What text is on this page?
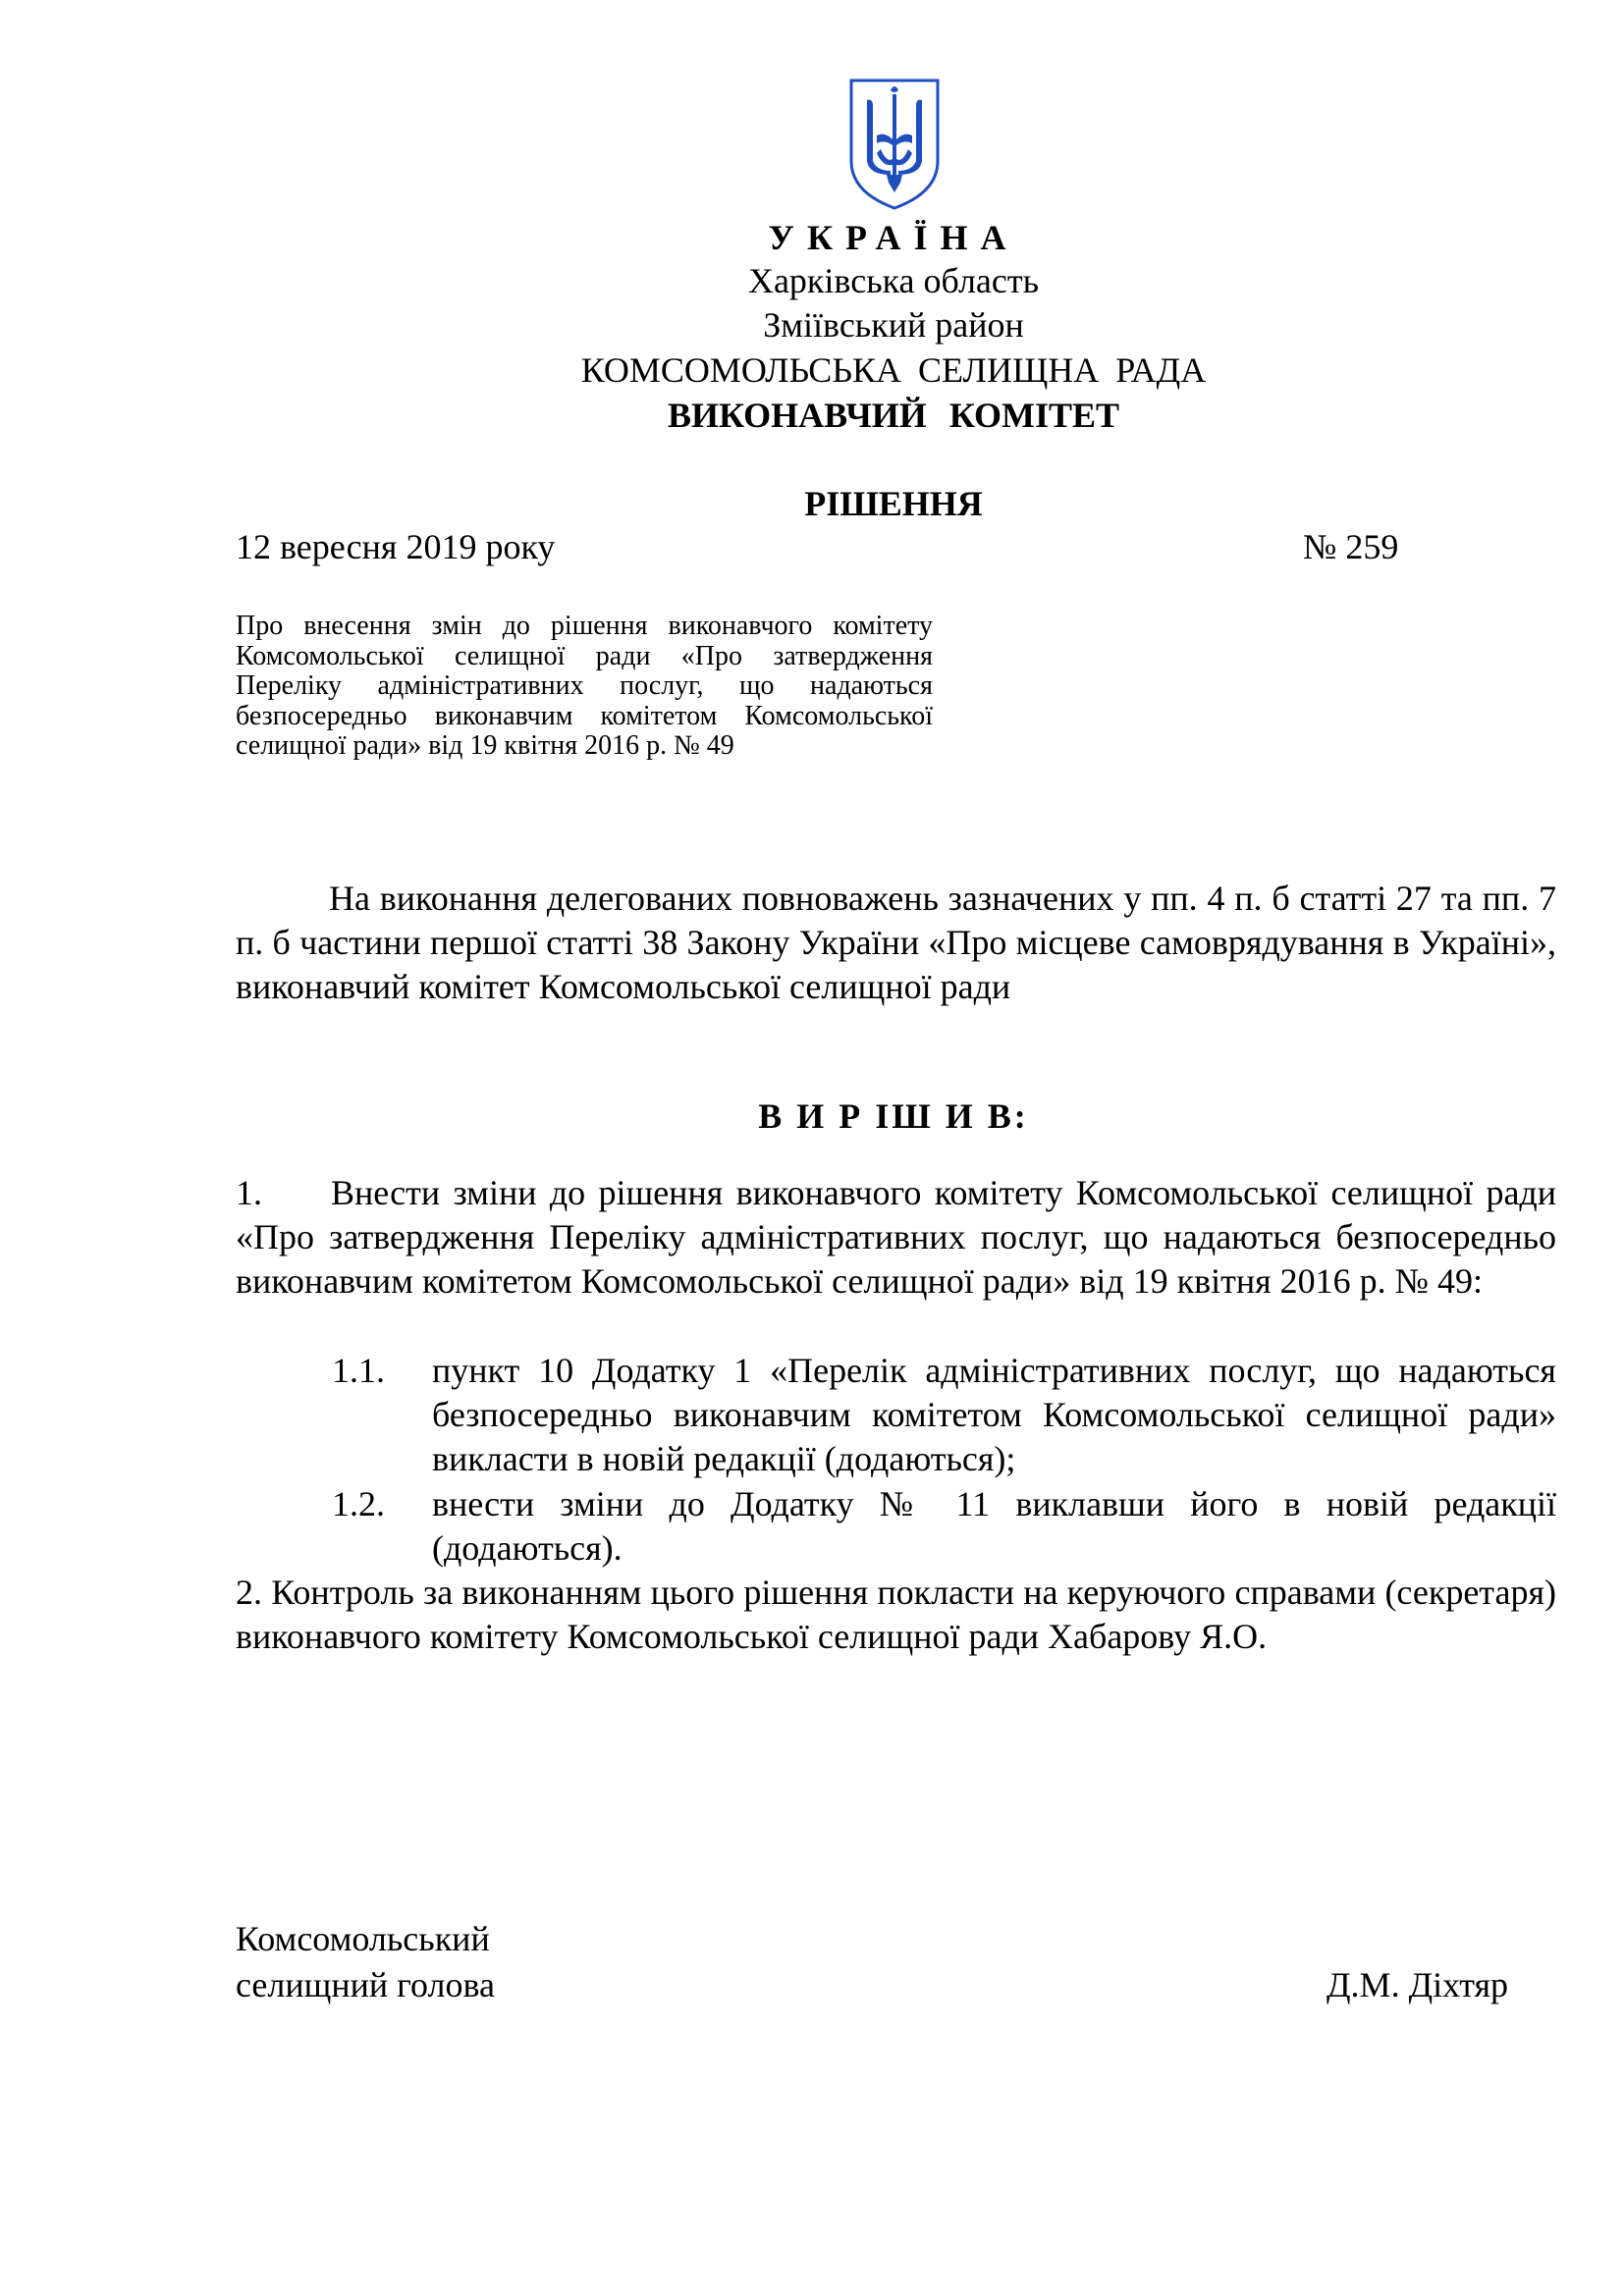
УКРАЇНА
Харківська область
Зміївський район
КОМСОМОЛЬСЬКА СЕЛИЩНА РАДА
ВИКОНАВЧИЙ КОМІТЕТ
РІШЕННЯ
12 вересня 2019 року	№ 259
Про внесення змін до рішення виконавчого комітету Комсомольської селищної ради «Про затвердження Переліку адміністративних послуг, що надаються безпосередньо виконавчим комітетом Комсомольської селищної ради» від 19 квітня 2016 р. № 49
На виконання делегованих повноважень зазначених у пп. 4 п. б статті 27 та пп. 7 п. б частини першої статті 38 Закону України «Про місцеве самоврядування в Україні», виконавчий комітет Комсомольської селищної ради
В И Р ІШ И В:
1. Внести зміни до рішення виконавчого комітету Комсомольської селищної ради «Про затвердження Переліку адміністративних послуг, що надаються безпосередньо виконавчим комітетом Комсомольської селищної ради» від 19 квітня 2016 р. № 49:
1.1.	пункт 10 Додатку 1 «Перелік адміністративних послуг, що надаються безпосередньо виконавчим комітетом Комсомольської селищної ради» викласти в новій редакції (додаються);
1.2.	внести зміни до Додатку № 11 виклавши його в новій редакції (додаються).
2. Контроль за виконанням цього рішення покласти на керуючого справами (секретаря) виконавчого комітету Комсомольської селищної ради Хабарову Я.О.
Комсомольський
селищний голова	Д.М. Діхтяр
